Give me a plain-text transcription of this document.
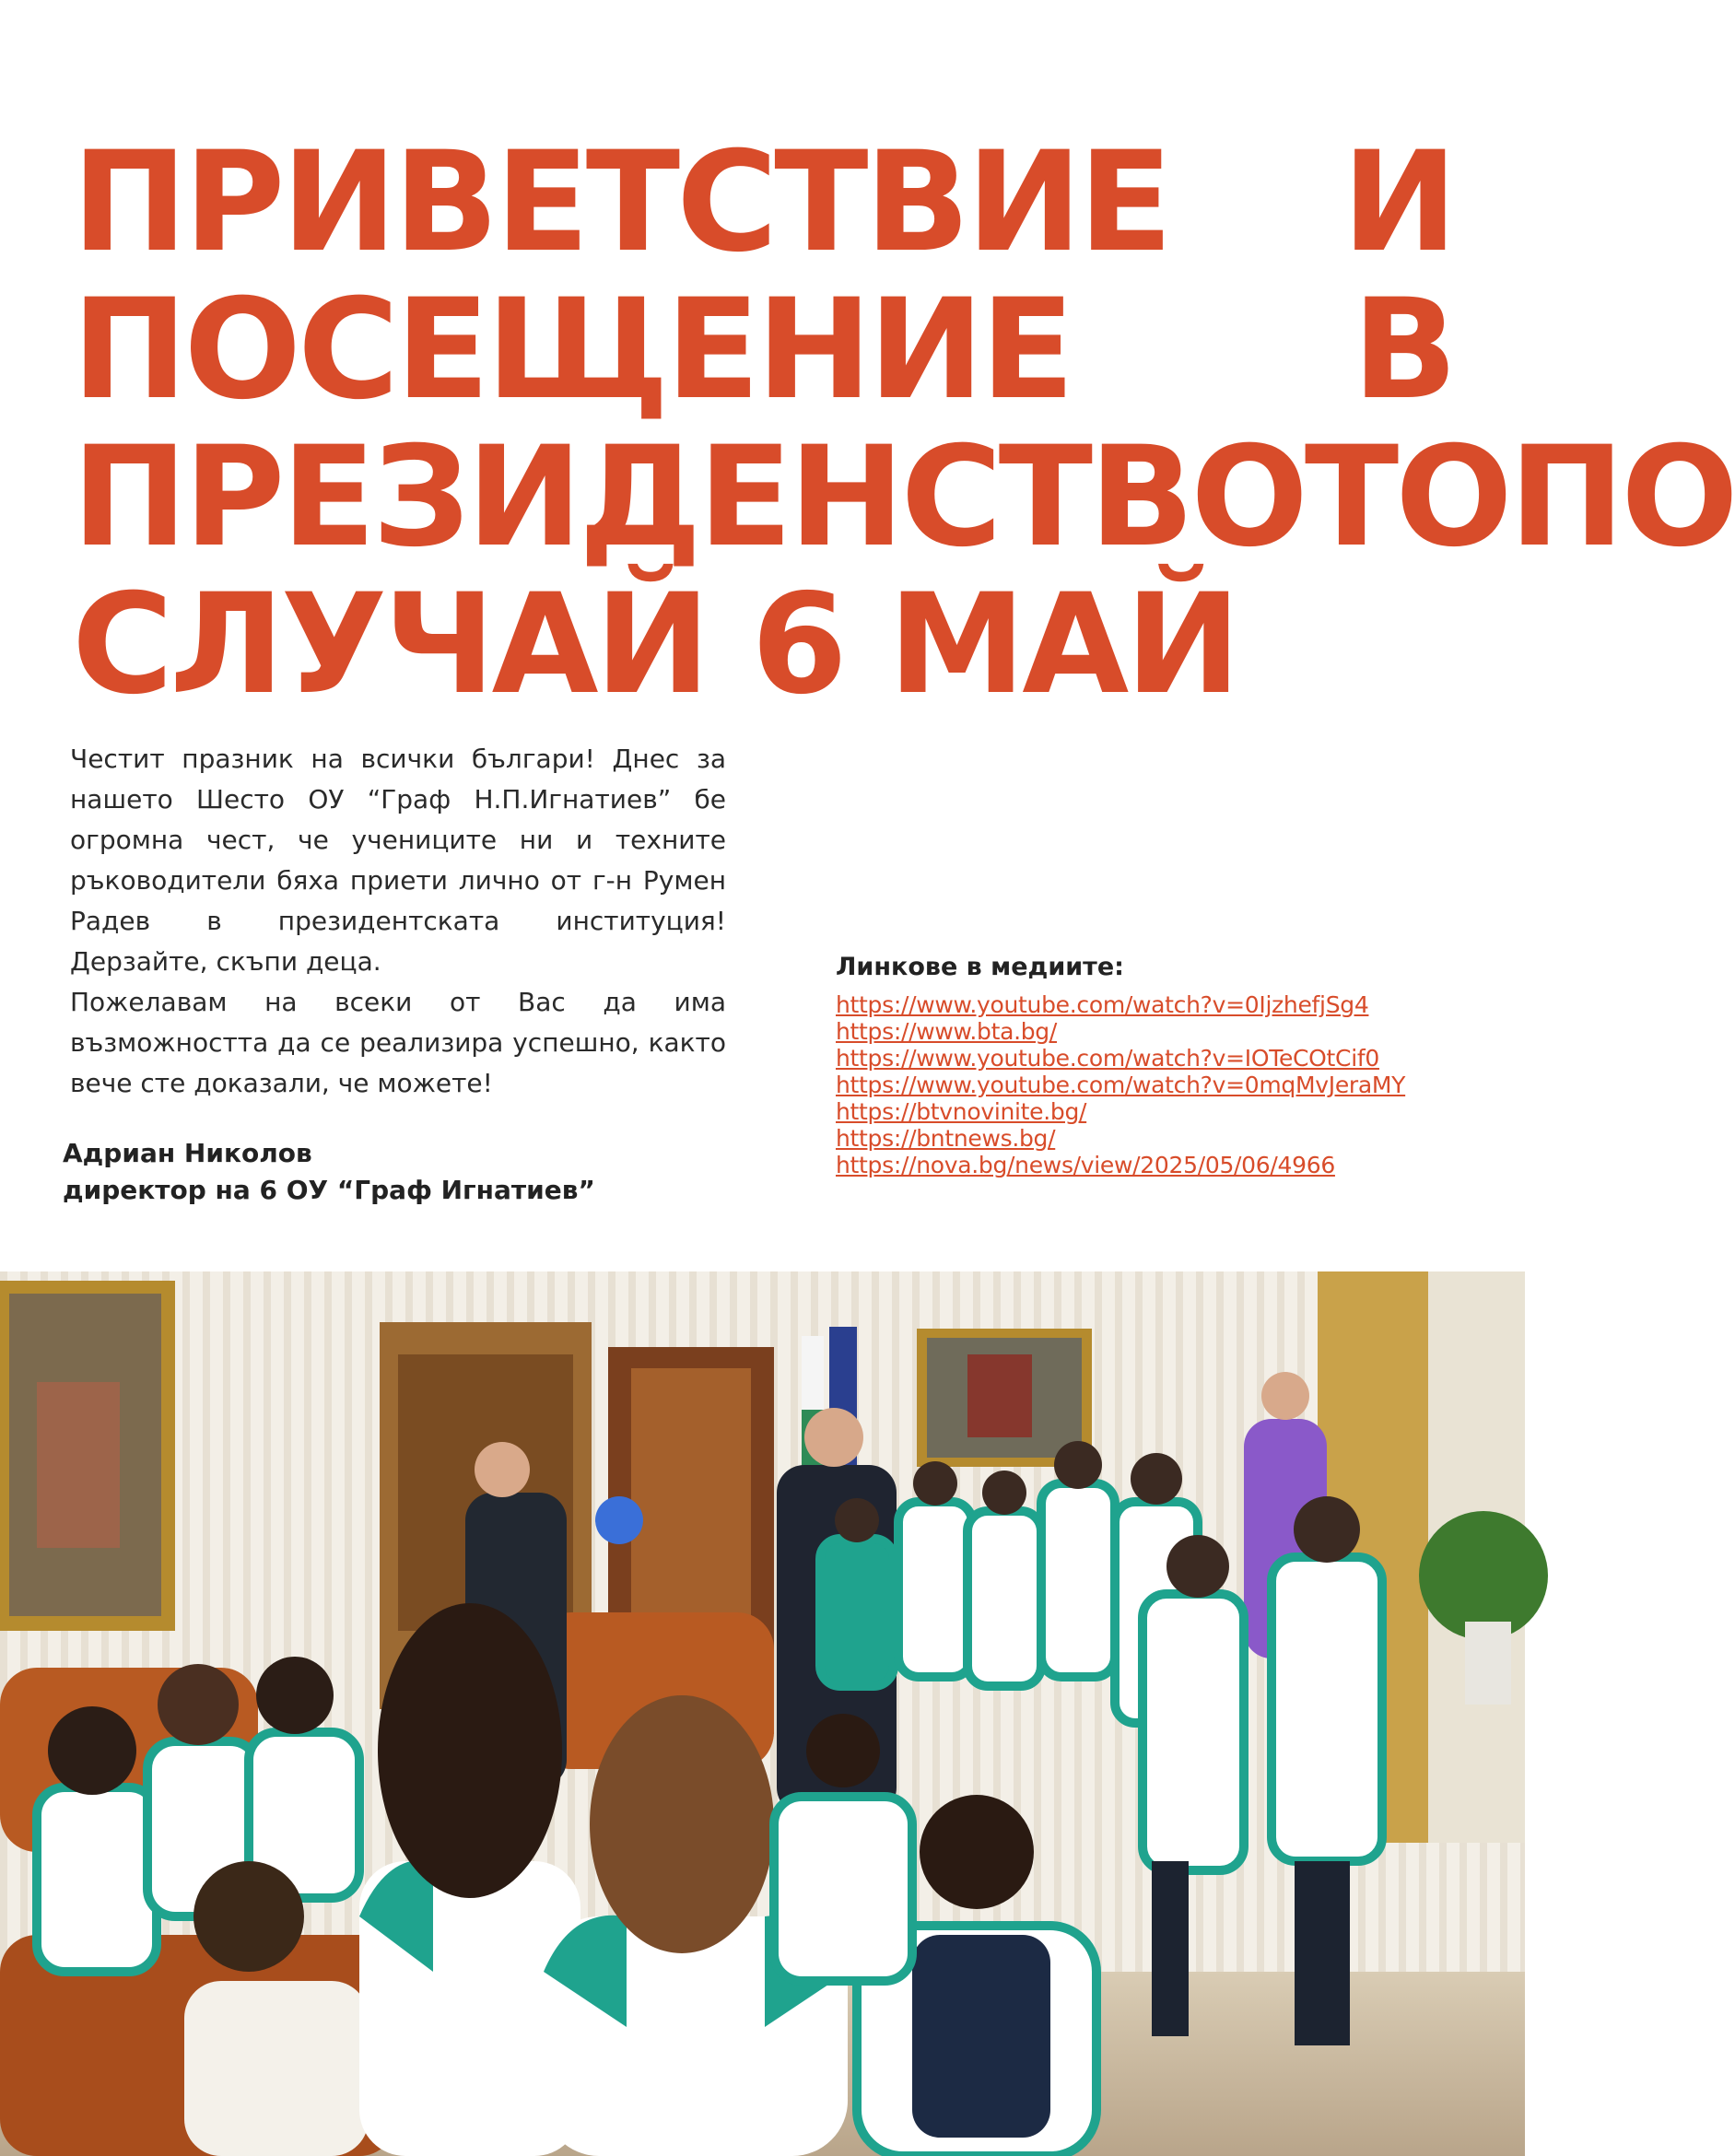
ПРИВЕТСТВИЕ И
ПОСЕЩЕНИЕ В
ПРЕЗИДЕНСТВОТО ПО
СЛУЧАЙ 6 МАЙ

Честит празник на всички българи! Днес за нашето Шесто ОУ “Граф Н.П.Игнатиев” бе огромна чест, че учениците ни и техните ръководители бяха приети лично от г-н Румен Радев в президентската институция! Дерзайте, скъпи деца.

Пожелавам на всеки от Вас да има възможността да се реализира успешно, както вече сте доказали, че можете!

Адриан Николов
директор на 6 ОУ “Граф Игнатиев”
Линкове в медиите:
https://www.youtube.com/watch?v=0IjzhefjSg4
https://www.bta.bg/
https://www.youtube.com/watch?v=IOTeCOtCif0
https://www.youtube.com/watch?v=0mqMvJeraMY
https://btvnovinite.bg/
https://bntnews.bg/
https://nova.bg/news/view/2025/05/06/4966
